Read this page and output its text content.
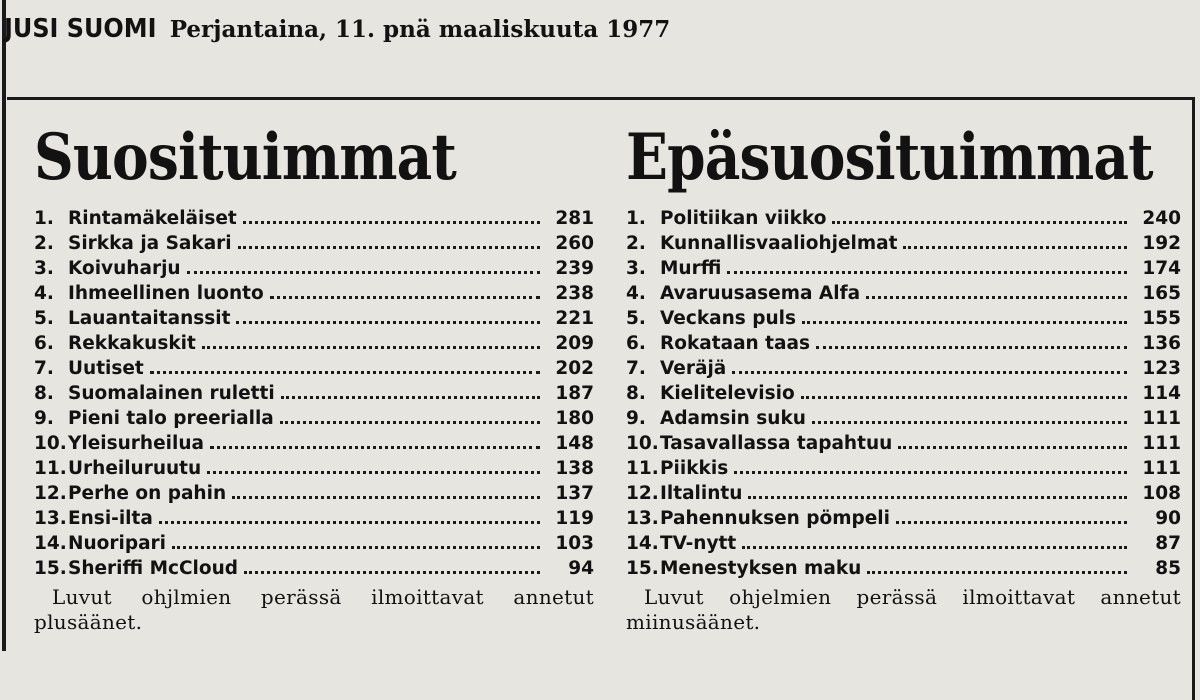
JUSI SUOMI Perjantaina, 11. pnä maaliskuuta 1977
Suosituimmat
1. Rintamäkeläiset	281
2. Sirkka ja Sakari	260
3. Koivuharju	239
4. Ihmeellinen luonto	238
5. Lauantaitanssit	221
6. Rekkakuskit	209
7. Uutiset	202
8. Suomalainen ruletti	187
9. Pieni talo preerialla	180
10. Yleisurheilua	148
11. Urheiluruutu	138
12. Perhe on pahin	137
13. Ensi-ilta	119
14. Nuoripari	103
15. Sheriffi McCloud	94

Luvut ohjlmien perässä ilmoittavat annetut plusäänet.

Epäsuosituimmat
1. Politiikan viikko	240
2. Kunnallisvaaliohjelmat	192
3. Murffi	174
4. Avaruusasema Alfa	165
5. Veckans puls	155
6. Rokataan taas	136
7. Veräjä	123
8. Kielitelevisio	114
9. Adamsin suku	111
10. Tasavallassa tapahtuu	111
11. Piikkis	111
12. Iltalintu	108
13. Pahennuksen pömpeli	90
14. TV-nytt	87
15. Menestyksen maku	85

Luvut ohjelmien perässä ilmoittavat annetut miinusäänet.
